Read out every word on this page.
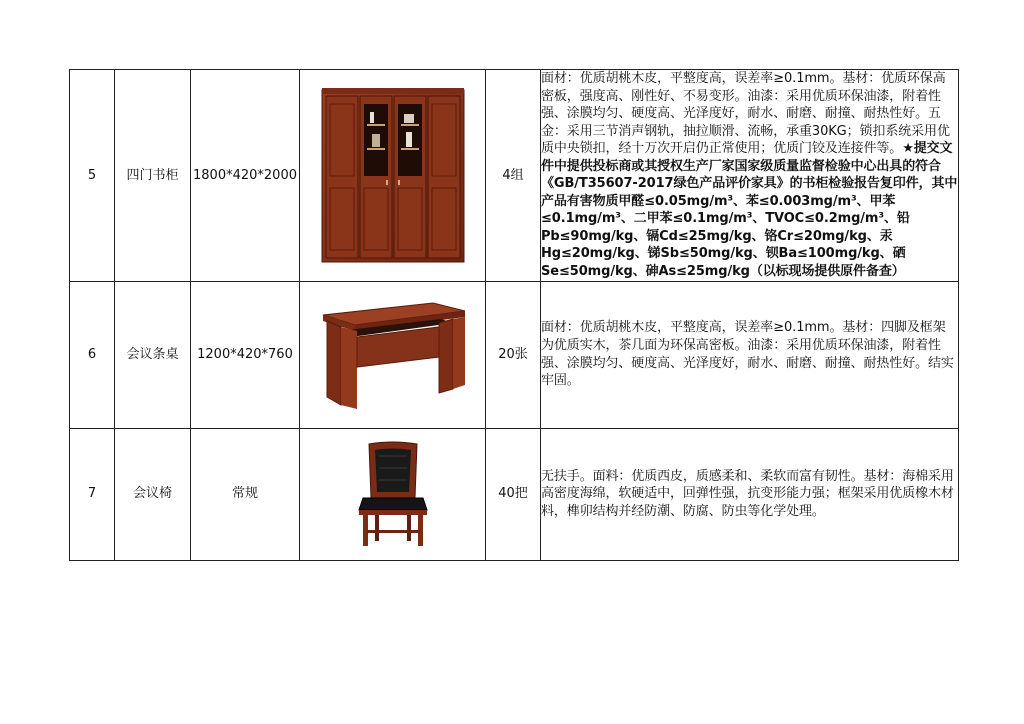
5	四门书柜	1800*420*2000		4组	面材：优质胡桃木皮，平整度高，误差率≥0.1mm。基材：优质环保高密板，强度高、刚性好、不易变形。油漆：采用优质环保油漆，附着性强、涂膜均匀、硬度高、光泽度好，耐水、耐磨、耐撞、耐热性好。五金：采用三节消声钢轨，抽拉顺滑、流畅，承重30KG；锁扣系统采用优质中央锁扣，经十万次开启仍正常使用；优质门铰及连接件等。★提交文件中提供投标商或其授权生产厂家国家级质量监督检验中心出具的符合《GB/T35607-2017绿色产品评价家具》的书柜检验报告复印件，其中产品有害物质甲醛≤0.05mg/m³、苯≤0.003mg/m³、甲苯≤0.1mg/m³、二甲苯≤0.1mg/m³、TVOC≤0.2mg/m³、铅Pb≤90mg/kg、镉Cd≤25mg/kg、铬Cr≤20mg/kg、汞Hg≤20mg/kg、锑Sb≤50mg/kg、钡Ba≤100mg/kg、硒Se≤50mg/kg、砷As≤25mg/kg（以标现场提供原件备查）
6	会议条桌	1200*420*760		20张	面材：优质胡桃木皮，平整度高，误差率≥0.1mm。基材：四脚及框架为优质实木，茶几面为环保高密板。油漆：采用优质环保油漆，附着性强、涂膜均匀、硬度高、光泽度好，耐水、耐磨、耐撞、耐热性好。结实牢固。
7	会议椅	常规		40把	无扶手。面料：优质西皮，质感柔和、柔软而富有韧性。基材：海棉采用高密度海绵，软硬适中，回弹性强，抗变形能力强；框架采用优质橡木材料，榫卯结构并经防潮、防腐、防虫等化学处理。
